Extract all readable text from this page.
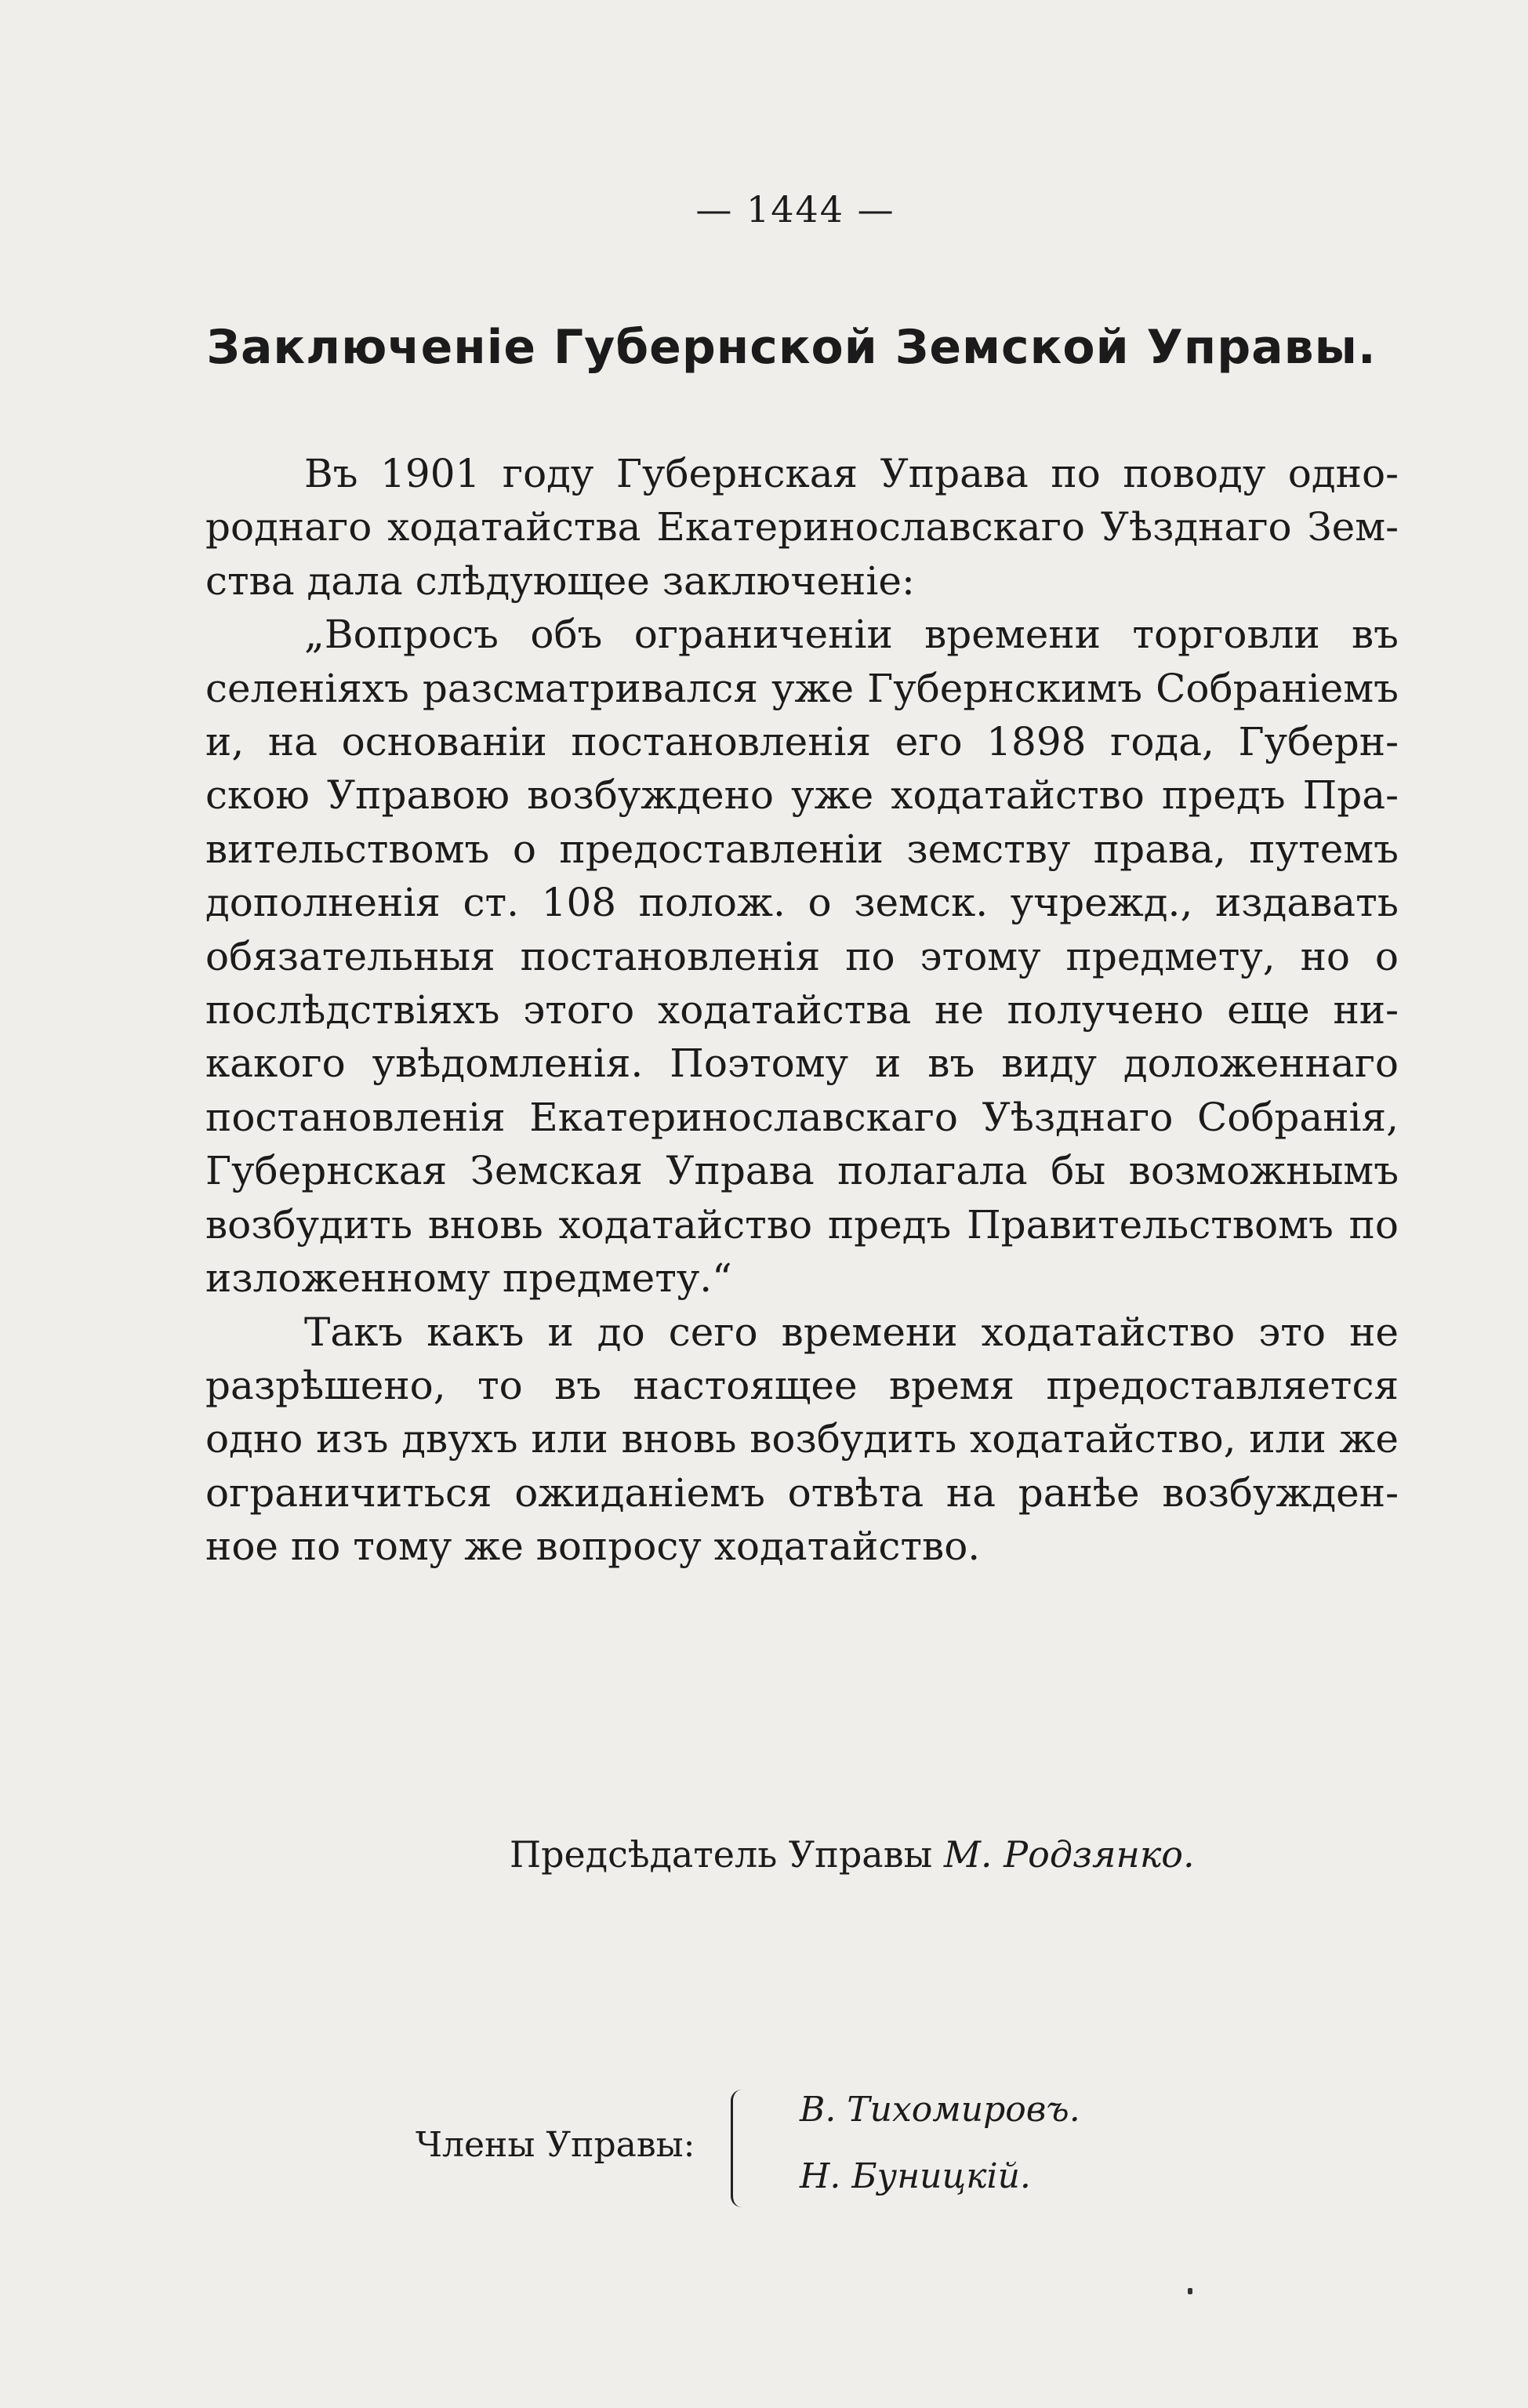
— 1444 —
Заключеніе Губернской Земской Управы.

Въ 1901 году Губернская Управа по поводу одно-роднаго ходатайства Екатеринославскаго Уѣзднаго Зем-ства дала слѣдующее заключеніе:

„Вопросъ объ ограниченіи времени торговли въ селеніяхъ разсматривался уже Губернскимъ Собраніемъ и, на основаніи постановленія его 1898 года, Губерн-скою Управою возбуждено уже ходатайство предъ Пра-вительствомъ о предоставленіи земству права, путемъ дополненія ст. 108 полож. о земск. учрежд., издавать обязательныя постановленія по этому предмету, но о послѣдствіяхъ этого ходатайства не получено еще ни-какого увѣдомленія. Поэтому и въ виду доложеннаго постановленія Екатеринославскаго Уѣзднаго Собранія, Губернская Земская Управа полагала бы возможнымъ возбудить вновь ходатайство предъ Правительствомъ по изложенному предмету.“

Такъ какъ и до сего времени ходатайство это не разрѣшено, то въ настоящее время предоставляется одно изъ двухъ или вновь возбудить ходатайство, или же ограничиться ожиданіемъ отвѣта на ранѣе возбужден-ное по тому же вопросу ходатайство.

Предсѣдатель Управы М. Родзянко.
Члены Управы:
В. Тихомировъ.
Н. Буницкій.
